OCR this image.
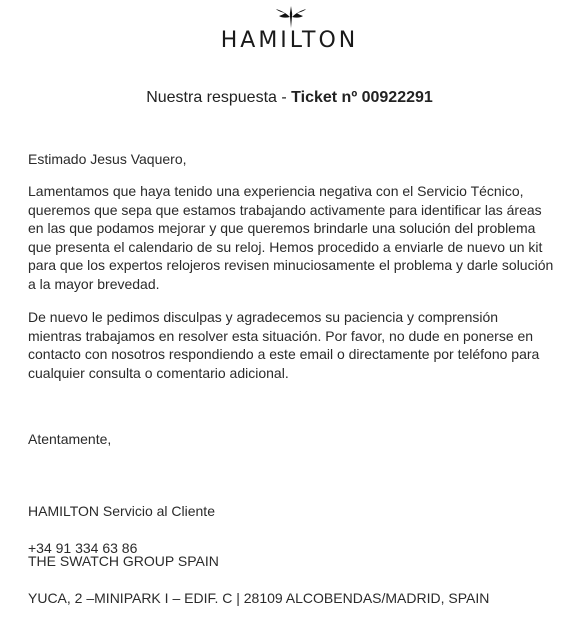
HAMILTON
Nuestra respuesta - Ticket nº 00922291
Estimado Jesus Vaquero,
Lamentamos que haya tenido una experiencia negativa con el Servicio Técnico,
queremos que sepa que estamos trabajando activamente para identificar las áreas
en las que podamos mejorar y que queremos brindarle una solución del problema
que presenta el calendario de su reloj. Hemos procedido a enviarle de nuevo un kit
para que los expertos relojeros revisen minuciosamente el problema y darle solución
a la mayor brevedad.
De nuevo le pedimos disculpas y agradecemos su paciencia y comprensión
mientras trabajamos en resolver esta situación. Por favor, no dude en ponerse en
contacto con nosotros respondiendo a este email o directamente por teléfono para
cualquier consulta o comentario adicional.
Atentamente,

HAMILTON Servicio al Cliente

+34 91 334 63 86

THE SWATCH GROUP SPAIN

YUCA, 2 –MINIPARK I – EDIF. C | 28109 ALCOBENDAS/MADRID, SPAIN
